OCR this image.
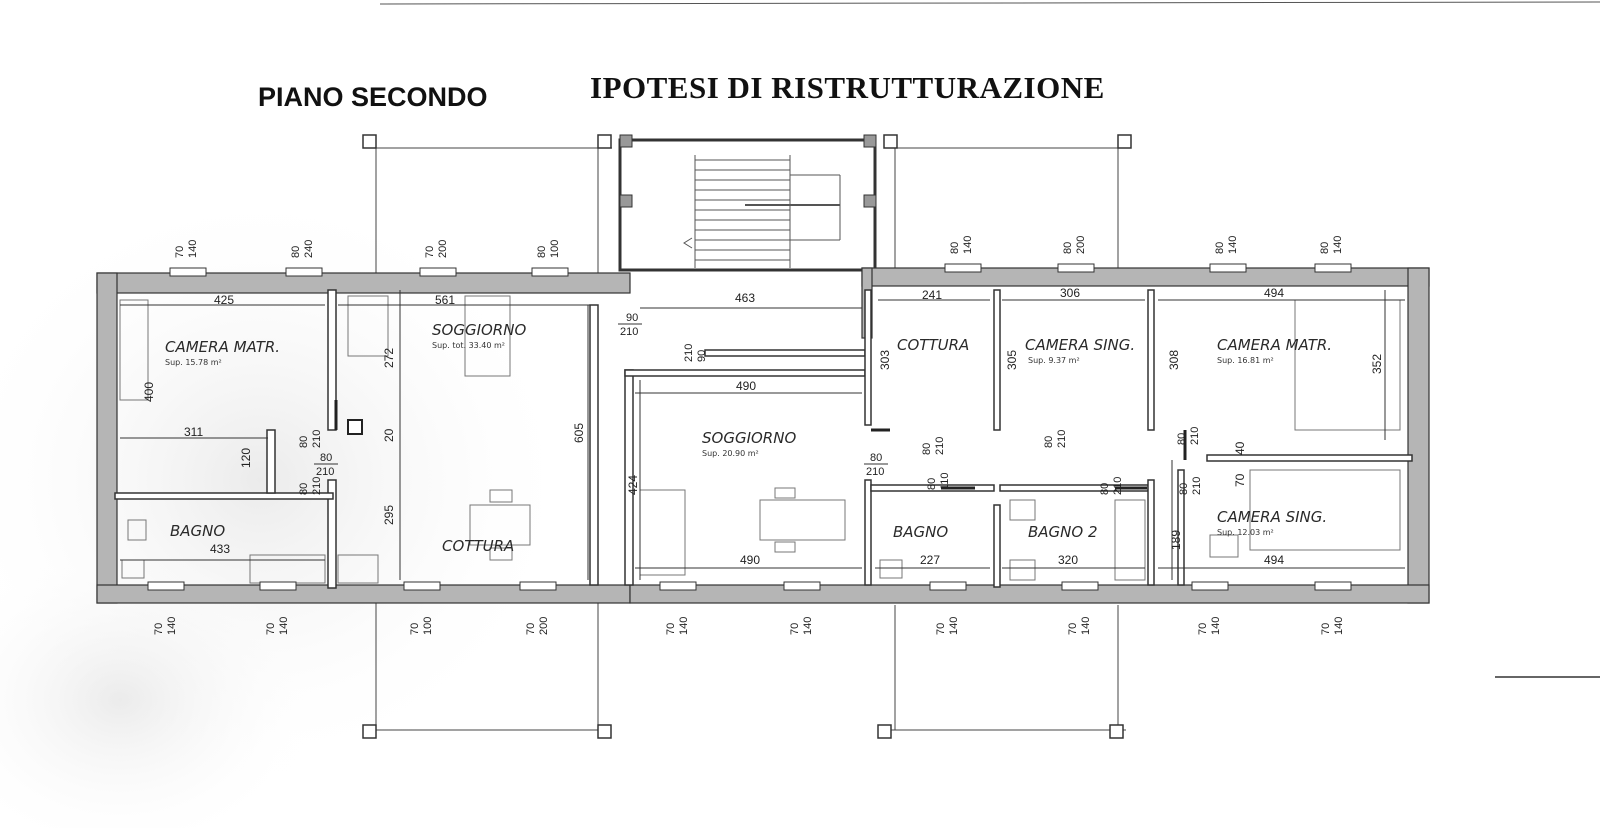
PIANO SECONDO	IPOTESI DI RISTRUTTURAZIONE
CAMERA MATR.
Sup. 15.78 m²
SOGGIORNO
Sup. tot. 33.40 m²
COTTURA
BAGNO
SOGGIORNO
Sup. 20.90 m²
COTTURA	CAMERA SING.
Sup. 9.37 m²
CAMERA MATR.
Sup. 16.81 m²
BAGNO	BAGNO 2
CAMERA SING.
Sup. 12.03 m²
425	561	463	241	306	494
311
490
490
433
227	320	494
272
400
120
605
295
20
424
303	305	308	352
40
70
189
70 140	80 240	70 200	80 100	80 140	80 200	80 140	80 140
70 140	70 140	70 100	70 200	70 140	70 140	70 140	70 140	70 140	70 140
90
210
90
210
80 210
80
210
80 210
80
210
80 210	80 210	80 210
80 210	80 210
80 110
